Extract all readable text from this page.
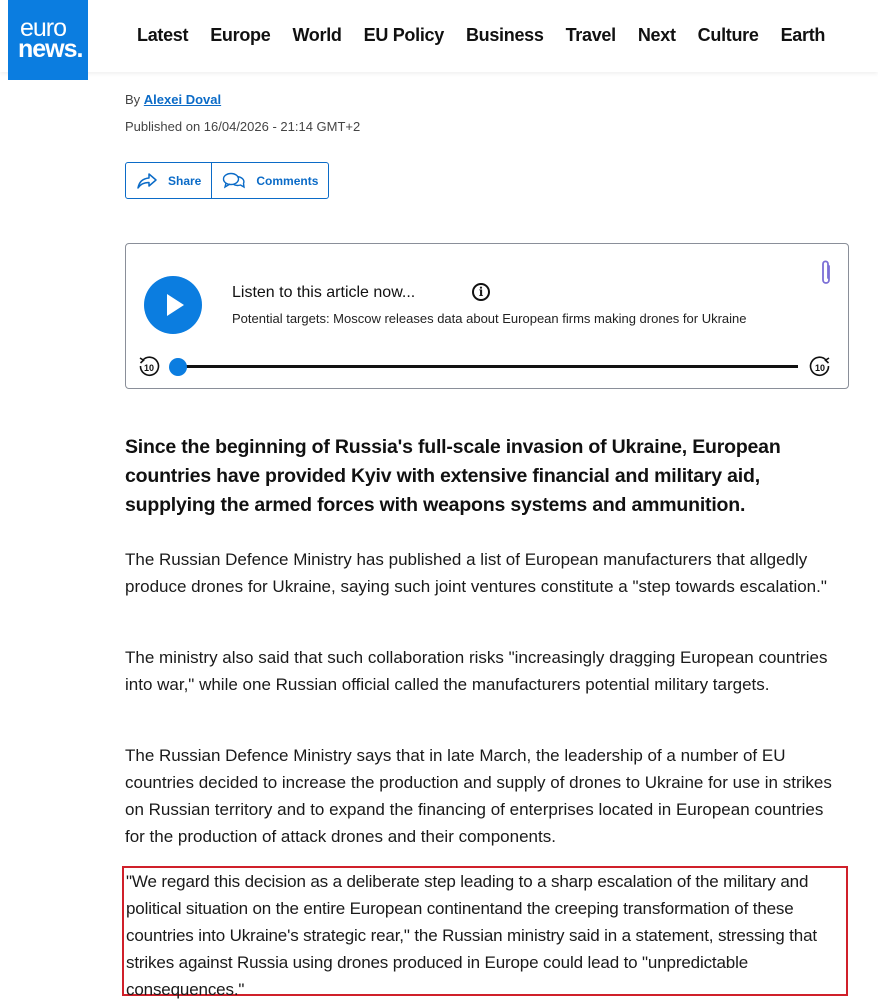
euro
news.	Latest Europe World EU Policy Business Travel Next Culture Earth
By Alexei Doval
Published on 16/04/2026 - 21:14 GMT+2
Share	Comments
Listen to this article now...	i
Potential targets: Moscow releases data about European firms making drones for Ukraine
10	10
Since the beginning of Russia's full-scale invasion of Ukraine, European countries have provided Kyiv with extensive financial and military aid, supplying the armed forces with weapons systems and ammunition.
The Russian Defence Ministry has published a list of European manufacturers that allgedly produce drones for Ukraine, saying such joint ventures constitute a "step towards escalation."
The ministry also said that such collaboration risks "increasingly dragging European countries into war," while one Russian official called the manufacturers potential military targets.
The Russian Defence Ministry says that in late March, the leadership of a number of EU countries decided to increase the production and supply of drones to Ukraine for use in strikes on Russian territory and to expand the financing of enterprises located in European countries for the production of attack drones and their components.
"We regard this decision as a deliberate step leading to a sharp escalation of the military and political situation on the entire European continentand the creeping transformation of these countries into Ukraine's strategic rear," the Russian ministry said in a statement, stressing that strikes against Russia using drones produced in Europe could lead to "unpredictable consequences."
